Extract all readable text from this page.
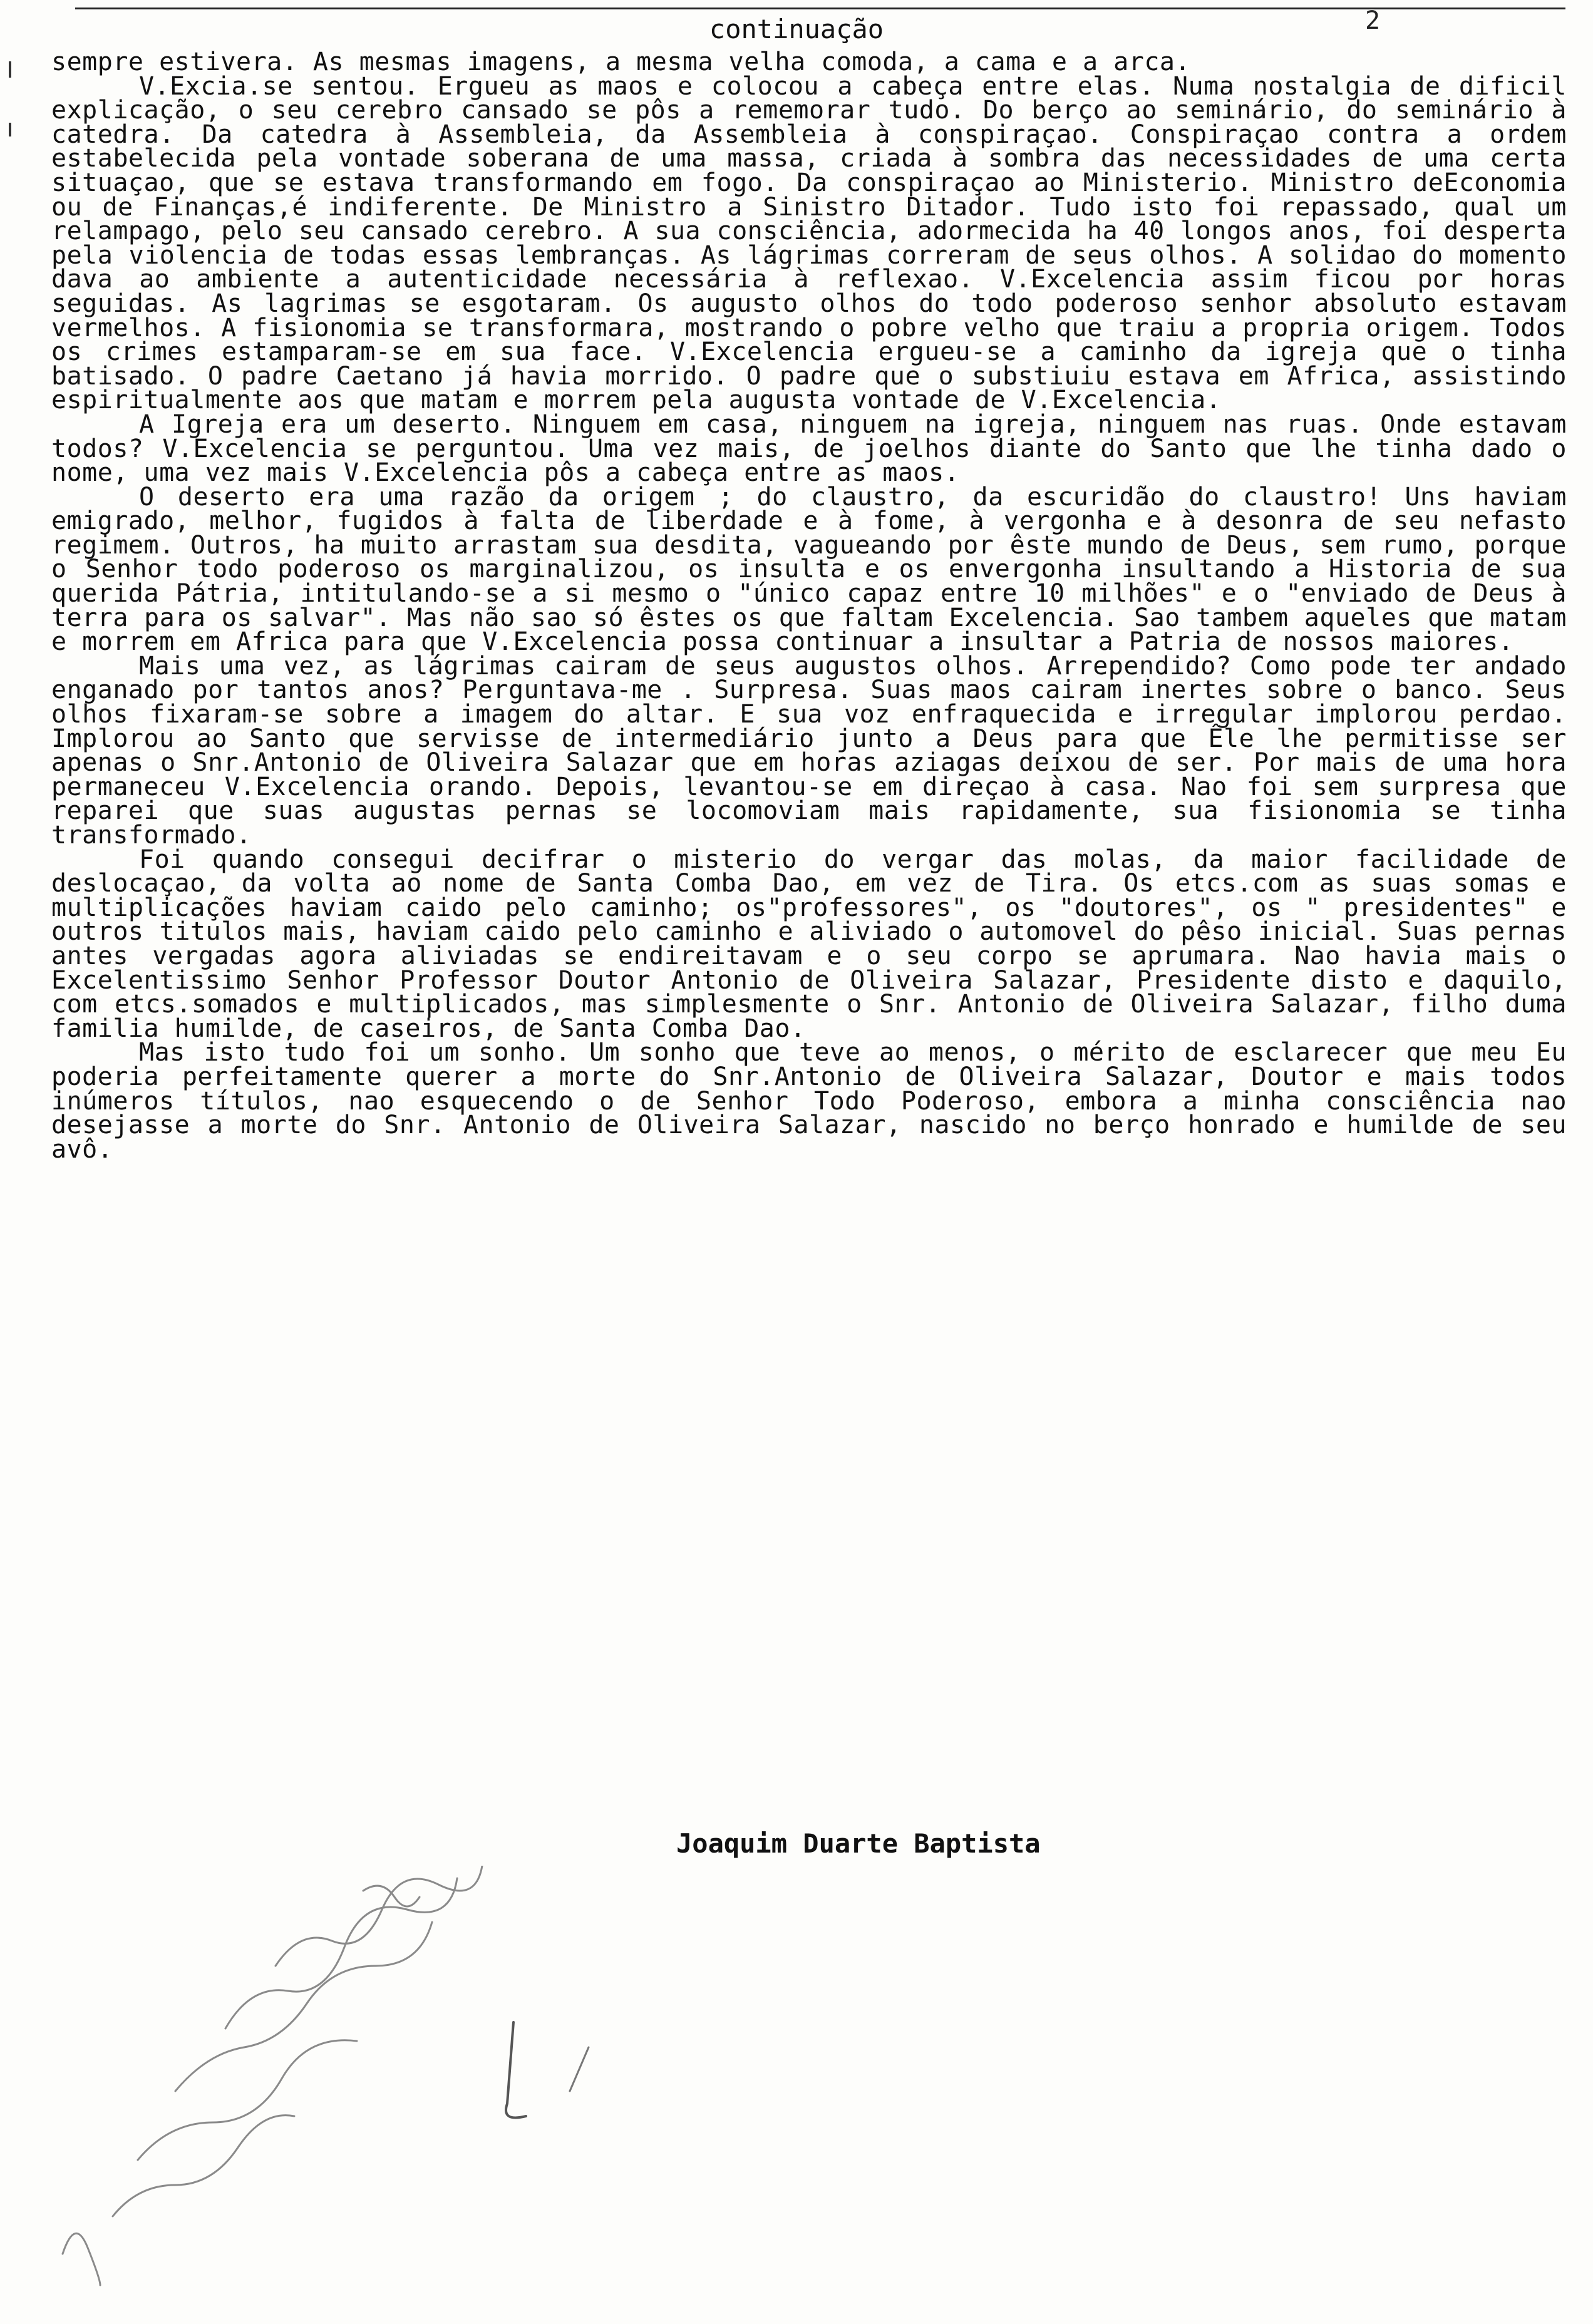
continuação	2

sempre estivera. As mesmas imagens, a mesma velha comoda, a cama e a arca.

V.Excia.se sentou. Ergueu as maos e colocou a cabeça entre elas. Numa nostalgia de dificil explicação, o seu cerebro cansado se pôs a rememorar tudo. Do berço ao seminário, do seminário à catedra. Da catedra à Assembleia, da Assembleia à conspiraçao. Conspiraçao contra a ordem estabelecida pela vontade soberana de uma massa, criada à sombra das necessidades de uma certa situaçao, que se estava transformando em fogo. Da conspiraçao ao Ministerio. Ministro deEconomia ou de Finanças,é indiferente. De Ministro a Sinistro Ditador. Tudo isto foi repassado, qual um relampago, pelo seu cansado cerebro. A sua consciência, adormecida ha 40 longos anos, foi desperta pela violencia de todas essas lembranças. As lágrimas correram de seus olhos. A solidao do momento dava ao ambiente a autenticidade necessária à reflexao. V.Excelencia assim ficou por horas seguidas. As lagrimas se esgotaram. Os augusto olhos do todo poderoso senhor absoluto estavam vermelhos. A fisionomia se transformara, mostrando o pobre velho que traiu a propria origem. Todos os crimes estamparam-se em sua face. V.Excelencia ergueu-se a caminho da igreja que o tinha batisado. O padre Caetano já havia morrido. O padre que o substiuiu estava em Africa, assistindo espiritualmente aos que matam e morrem pela augusta vontade de V.Excelencia.

A Igreja era um deserto. Ninguem em casa, ninguem na igreja, ninguem nas ruas. Onde estavam todos? V.Excelencia se perguntou. Uma vez mais, de joelhos diante do Santo que lhe tinha dado o nome, uma vez mais V.Excelencia pôs a cabeça entre as maos.

O deserto era uma razão da origem ; do claustro, da escuridão do claustro! Uns haviam emigrado, melhor, fugidos à falta de liberdade e à fome, à vergonha e à desonra de seu nefasto regimem. Outros, ha muito arrastam sua desdita, vagueando por êste mundo de Deus, sem rumo, porque o Senhor todo poderoso os marginalizou, os insulta e os envergonha insultando a Historia de sua querida Pátria, intitulando-se a si mesmo o "único capaz entre 10 milhões" e o "enviado de Deus à terra para os salvar". Mas não sao só êstes os que faltam Excelencia. Sao tambem aqueles que matam e morrem em Africa para que V.Excelencia possa continuar a insultar a Patria de nossos maiores.

Mais uma vez, as lágrimas cairam de seus augustos olhos. Arrependido? Como pode ter andado enganado por tantos anos? Perguntava-me . Surpresa. Suas maos cairam inertes sobre o banco. Seus olhos fixaram-se sobre a imagem do altar. E sua voz enfraquecida e irregular implorou perdao. Implorou ao Santo que servisse de intermediário junto a Deus para que Êle lhe permitisse ser apenas o Snr.Antonio de Oliveira Salazar que em horas aziagas deixou de ser. Por mais de uma hora permaneceu V.Excelencia orando. Depois, levantou-se em direçao à casa. Nao foi sem surpresa que reparei que suas augustas pernas se locomoviam mais rapidamente, sua fisionomia se tinha transformado.

Foi quando consegui decifrar o misterio do vergar das molas, da maior facilidade de deslocaçao, da volta ao nome de Santa Comba Dao, em vez de Tira. Os etcs.com as suas somas e multiplicações haviam caido pelo caminho; os"professores", os "doutores", os " presidentes" e outros titulos mais, haviam caido pelo caminho e aliviado o automovel do pêso inicial. Suas pernas antes vergadas agora aliviadas se endireitavam e o seu corpo se aprumara. Nao havia mais o Excelentissimo Senhor Professor Doutor Antonio de Oliveira Salazar, Presidente disto e daquilo, com etcs.somados e multiplicados, mas simplesmente o Snr. Antonio de Oliveira Salazar, filho duma familia humilde, de caseiros, de Santa Comba Dao.

Mas isto tudo foi um sonho. Um sonho que teve ao menos, o mérito de esclarecer que meu Eu poderia perfeitamente querer a morte do Snr.Antonio de Oliveira Salazar, Doutor e mais todos inúmeros títulos, nao esquecendo o de Senhor Todo Poderoso, embora a minha consciência nao desejasse a morte do Snr. Antonio de Oliveira Salazar, nascido no berço honrado e humilde de seu avô.

Joaquim Duarte Baptista
